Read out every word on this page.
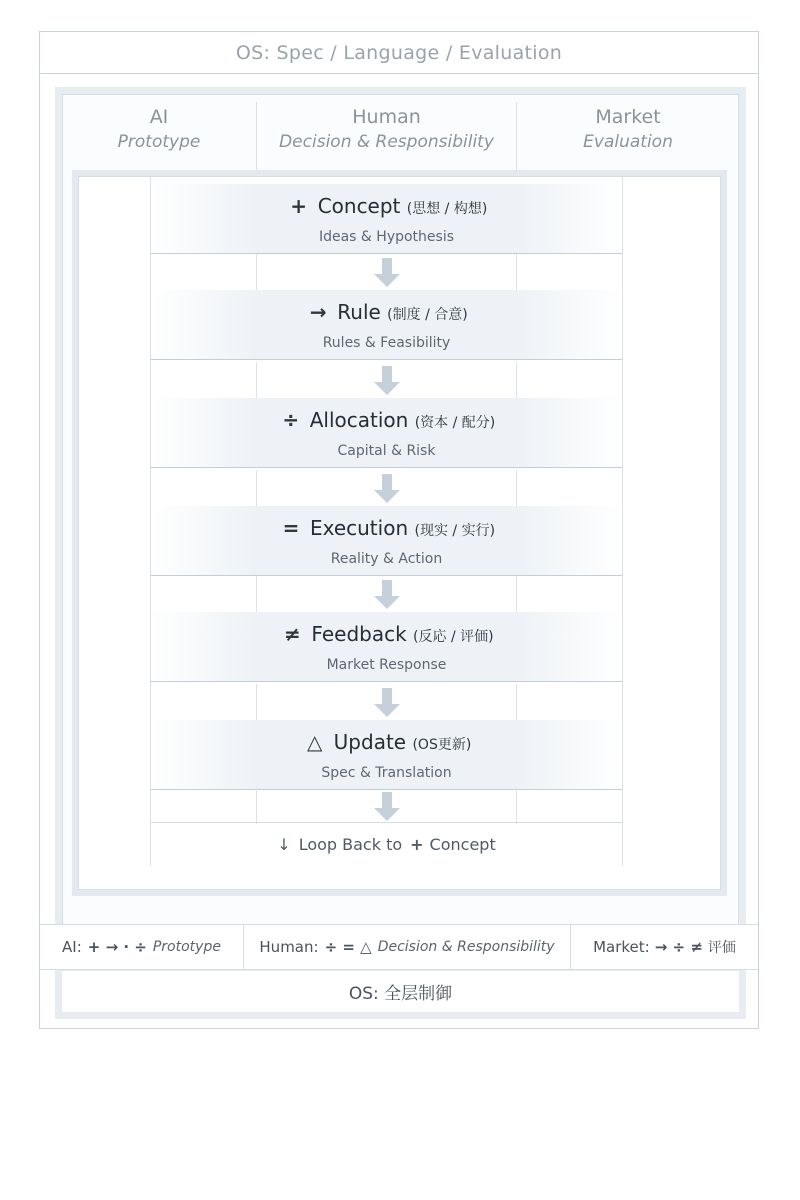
OS: Spec / Language / Evaluation
AI
Prototype
Human
Decision & Responsibility
Market
Evaluation
+ Concept (思想 / 构想)
Ideas & Hypothesis
→ Rule (制度 / 合意)
Rules & Feasibility
÷ Allocation (资本 / 配分)
Capital & Risk
= Execution (现实 / 实行)
Reality & Action
≠ Feedback (反応 / 评価)
Market Response
△ Update (OS更新)
Spec & Translation
↓ Loop Back to + Concept
AI: + → · ÷ Prototype	Human: ÷ = △ Decision & Responsibility	Market: → ÷ ≠ 评価
OS: 全层制御
